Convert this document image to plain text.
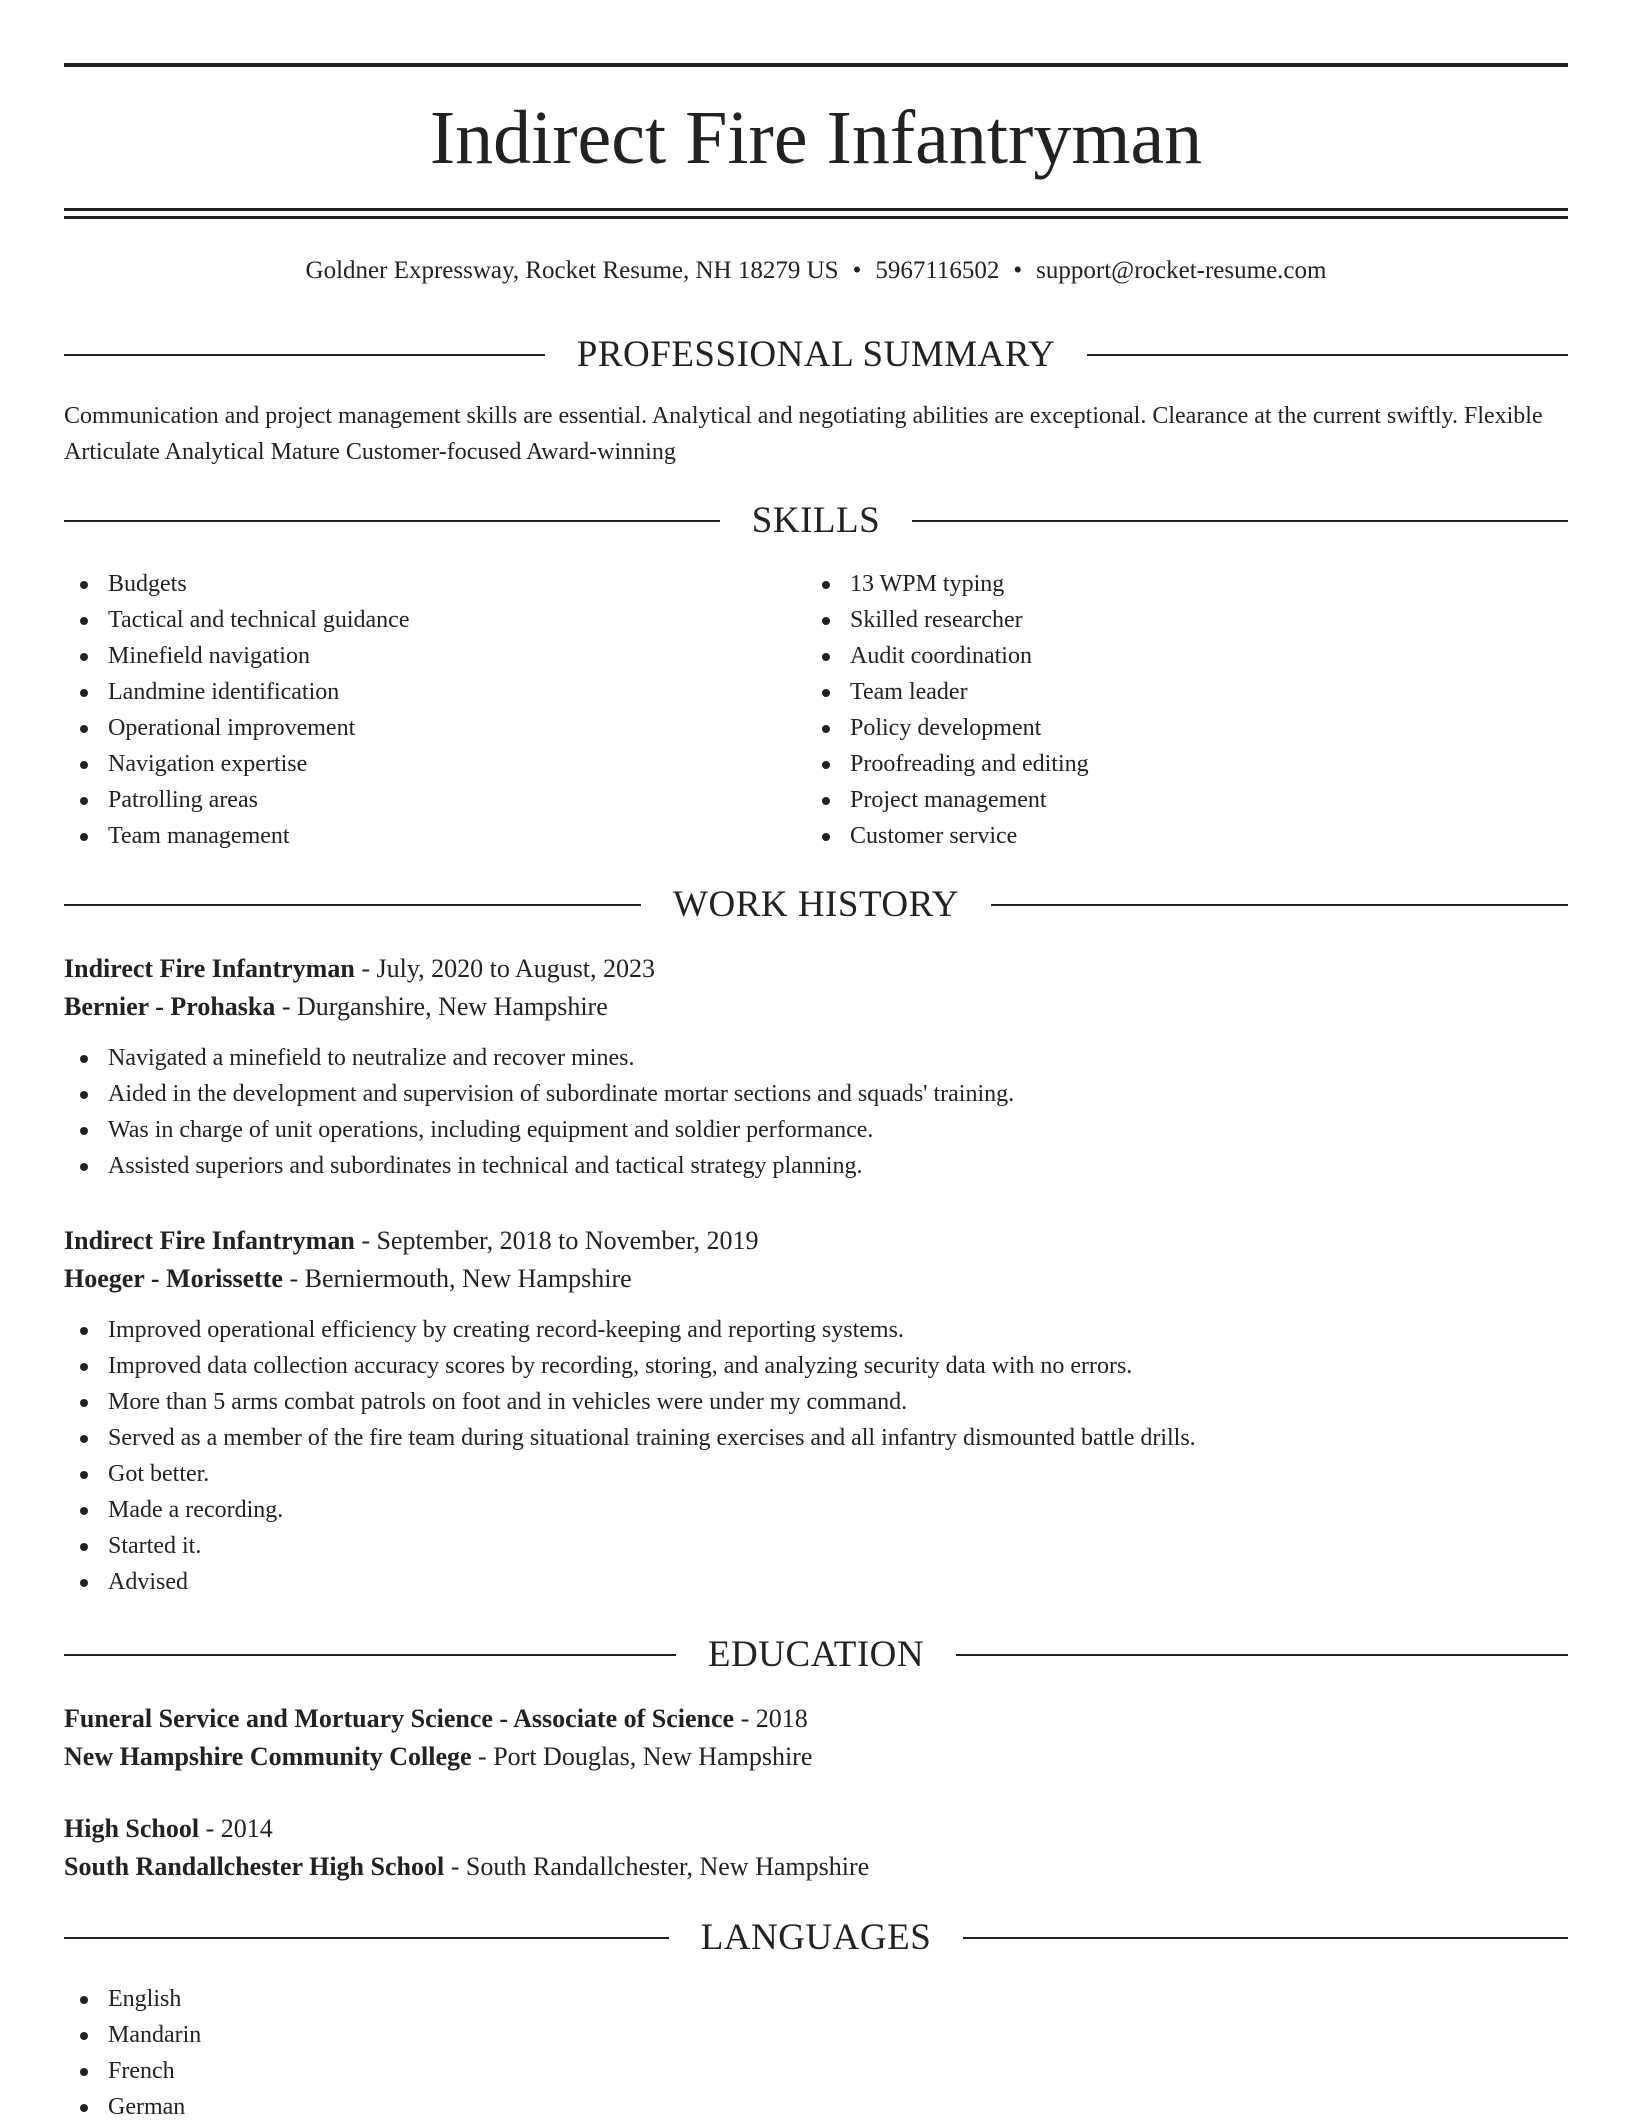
Indirect Fire Infantryman
Goldner Expressway, Rocket Resume, NH 18279 US • 5967116502 • support@rocket-resume.com
PROFESSIONAL SUMMARY
Communication and project management skills are essential. Analytical and negotiating abilities are exceptional. Clearance at the current swiftly. Flexible Articulate Analytical Mature Customer-focused Award-winning
SKILLS
Budgets
Tactical and technical guidance
Minefield navigation
Landmine identification
Operational improvement
Navigation expertise
Patrolling areas
Team management
13 WPM typing
Skilled researcher
Audit coordination
Team leader
Policy development
Proofreading and editing
Project management
Customer service
WORK HISTORY
Indirect Fire Infantryman - July, 2020 to August, 2023
Bernier - Prohaska - Durganshire, New Hampshire
Navigated a minefield to neutralize and recover mines.
Aided in the development and supervision of subordinate mortar sections and squads' training.
Was in charge of unit operations, including equipment and soldier performance.
Assisted superiors and subordinates in technical and tactical strategy planning.
Indirect Fire Infantryman - September, 2018 to November, 2019
Hoeger - Morissette - Berniermouth, New Hampshire
Improved operational efficiency by creating record-keeping and reporting systems.
Improved data collection accuracy scores by recording, storing, and analyzing security data with no errors.
More than 5 arms combat patrols on foot and in vehicles were under my command.
Served as a member of the fire team during situational training exercises and all infantry dismounted battle drills.
Got better.
Made a recording.
Started it.
Advised
EDUCATION
Funeral Service and Mortuary Science - Associate of Science - 2018
New Hampshire Community College - Port Douglas, New Hampshire
High School - 2014
South Randallchester High School - South Randallchester, New Hampshire
LANGUAGES
English
Mandarin
French
German
